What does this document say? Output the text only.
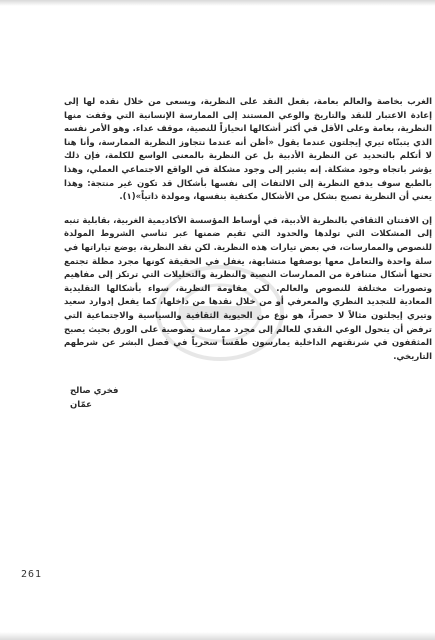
الغرب بخاصة والعالم بعامة، بفعل النقد على النظرية، ويسعى من خلال نقده لها إلى إعادة الاعتبار للنقد والتاريخ والوعي المستند إلى الممارسة الإنسانية التي وقفت منها النظرية، بعامة وعلى الأقل في أكثر أشكالها انحيازاً للنصية، موقف عداء. وهو الأمر نفسه الذي يتبنّاه تيري إيجلتون عندما يقول «أظن أنه عندما نتجاوز النظرية الممارسة، وأنا هنا لا أتكلم بالتحديد عن النظرية الأدبية بل عن النظرية بالمعنى الواسع للكلمة، فإن ذلك يؤشر باتجاه وجود مشكلة. إنه يشير إلى وجود مشكلة في الواقع الاجتماعي العملي، وهذا بالطبع سوف يدفع النظرية إلى الالتفات إلى نفسها بأشكال قد تكون غير منتجة: وهذا يعني أن النظرية تصبح بشكل من الأشكال مكتفية بنفسها، ومولدة ذاتياً»(١).

إن الافتتان الثقافي بالنظرية الأدبية، في أوساط المؤسسة الأكاديمية الغربية، بقابلية تنبه إلى المشكلات التي تولدها والحدود التي تقيم ضمنها عبر تناسي الشروط المولدة للنصوص والممارسات، في بعض تيارات هذه النظرية. لكن نقد النظرية، يوضع تياراتها في سلة واحدة والتعامل معها بوصفها متشابهة، يغفل في الحقيقة كونها مجرد مظلة تجتمع تحتها أشكال متنافرة من الممارسات النصية والنظرية والتحليلات التي ترتكز إلى مفاهيم وتصورات مختلفة للنصوص والعالم. لكن مقاومة النظرية، سواء بأشكالها التقليدية المعادية للتجديد النظري والمعرفي أو من خلال نقدها من داخلها، كما يفعل إدوارد سعيد وتيري إيجلتون مثالاً لا حصراً، هو نوع من الحيوية الثقافية والسياسية والاجتماعية التي ترفض أن يتحول الوعي النقدي للعالم إلى مجرد ممارسة نصوصية على الورق بحيث يصبح المثقفون في شرنقتهم الداخلية يمارسون طقساً سحرياً في فصل البشر عن شرطهم التاريخي.

فخري صالح
عمّان
261
